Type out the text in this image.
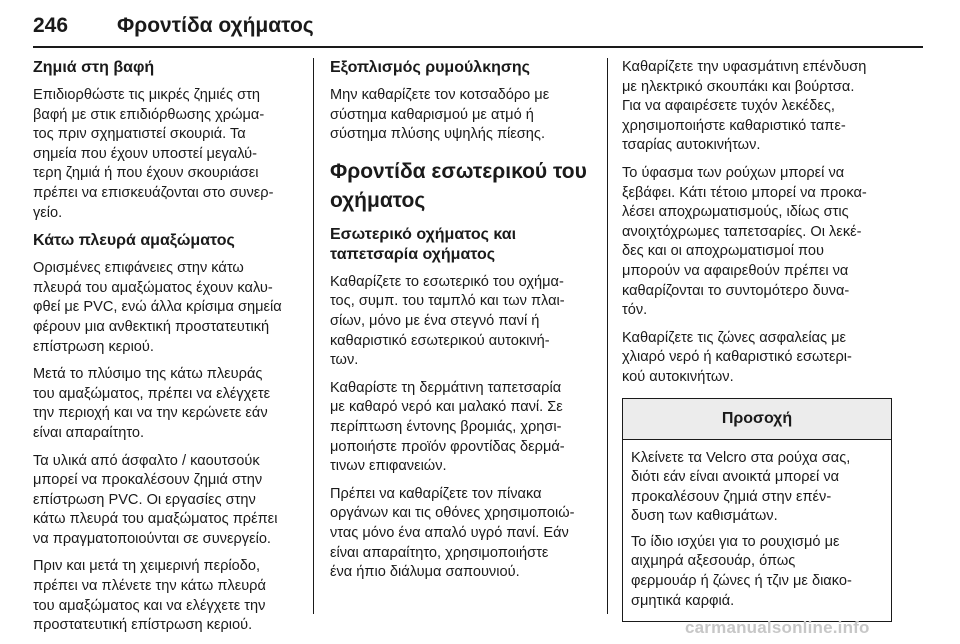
246 Φροντίδα οχήματος
Ζημιά στη βαφή

Επιδιορθώστε τις μικρές ζημιές στη
βαφή με στικ επιδιόρθωσης χρώμα-
τος πριν σχηματιστεί σκουριά. Τα
σημεία που έχουν υποστεί μεγαλύ-
τερη ζημιά ή που έχουν σκουριάσει
πρέπει να επισκευάζονται στο συνερ-
γείο.

Κάτω πλευρά αμαξώματος

Ορισμένες επιφάνειες στην κάτω
πλευρά του αμαξώματος έχουν καλυ-
φθεί με PVC, ενώ άλλα κρίσιμα σημεία
φέρουν μια ανθεκτική προστατευτική
επίστρωση κεριού.

Μετά το πλύσιμο της κάτω πλευράς
του αμαξώματος, πρέπει να ελέγχετε
την περιοχή και να την κερώνετε εάν
είναι απαραίτητο.

Τα υλικά από άσφαλτο / καουτσούκ
μπορεί να προκαλέσουν ζημιά στην
επίστρωση PVC. Οι εργασίες στην
κάτω πλευρά του αμαξώματος πρέπει
να πραγματοποιούνται σε συνεργείο.

Πριν και μετά τη χειμερινή περίοδο,
πρέπει να πλένετε την κάτω πλευρά
του αμαξώματος και να ελέγχετε την
προστατευτική επίστρωση κεριού.

Εξοπλισμός ρυμούλκησης

Μην καθαρίζετε τον κοτσαδόρο με
σύστημα καθαρισμού με ατμό ή
σύστημα πλύσης υψηλής πίεσης.

Φροντίδα εσωτερικού του
οχήματος
Εσωτερικό οχήματος και
ταπετσαρία οχήματος

Καθαρίζετε το εσωτερικό του οχήμα-
τος, συμπ. του ταμπλό και των πλαι-
σίων, μόνο με ένα στεγνό πανί ή
καθαριστικό εσωτερικού αυτοκινή-
των.

Καθαρίστε τη δερμάτινη ταπετσαρία
με καθαρό νερό και μαλακό πανί. Σε
περίπτωση έντονης βρομιάς, χρησι-
μοποιήστε προϊόν φροντίδας δερμά-
τινων επιφανειών.

Πρέπει να καθαρίζετε τον πίνακα
οργάνων και τις οθόνες χρησιμοποιώ-
ντας μόνο ένα απαλό υγρό πανί. Εάν
είναι απαραίτητο, χρησιμοποιήστε
ένα ήπιο διάλυμα σαπουνιού.

Καθαρίζετε την υφασμάτινη επένδυση
με ηλεκτρικό σκουπάκι και βούρτσα.
Για να αφαιρέσετε τυχόν λεκέδες,
χρησιμοποιήστε καθαριστικό ταπε-
τσαρίας αυτοκινήτων.

Το ύφασμα των ρούχων μπορεί να
ξεβάφει. Κάτι τέτοιο μπορεί να προκα-
λέσει αποχρωματισμούς, ιδίως στις
ανοιχτόχρωμες ταπετσαρίες. Οι λεκέ-
δες και οι αποχρωματισμοί που
μπορούν να αφαιρεθούν πρέπει να
καθαρίζονται το συντομότερο δυνα-
τόν.

Καθαρίζετε τις ζώνες ασφαλείας με
χλιαρό νερό ή καθαριστικό εσωτερι-
κού αυτοκινήτων.

Προσοχή

Κλείνετε τα Velcro στα ρούχα σας,
διότι εάν είναι ανοικτά μπορεί να
προκαλέσουν ζημιά στην επέν-
δυση των καθισμάτων.

Το ίδιο ισχύει για το ρουχισμό με
αιχμηρά αξεσουάρ, όπως
φερμουάρ ή ζώνες ή τζιν με διακο-
σμητικά καρφιά.

carmanualsonline.info
